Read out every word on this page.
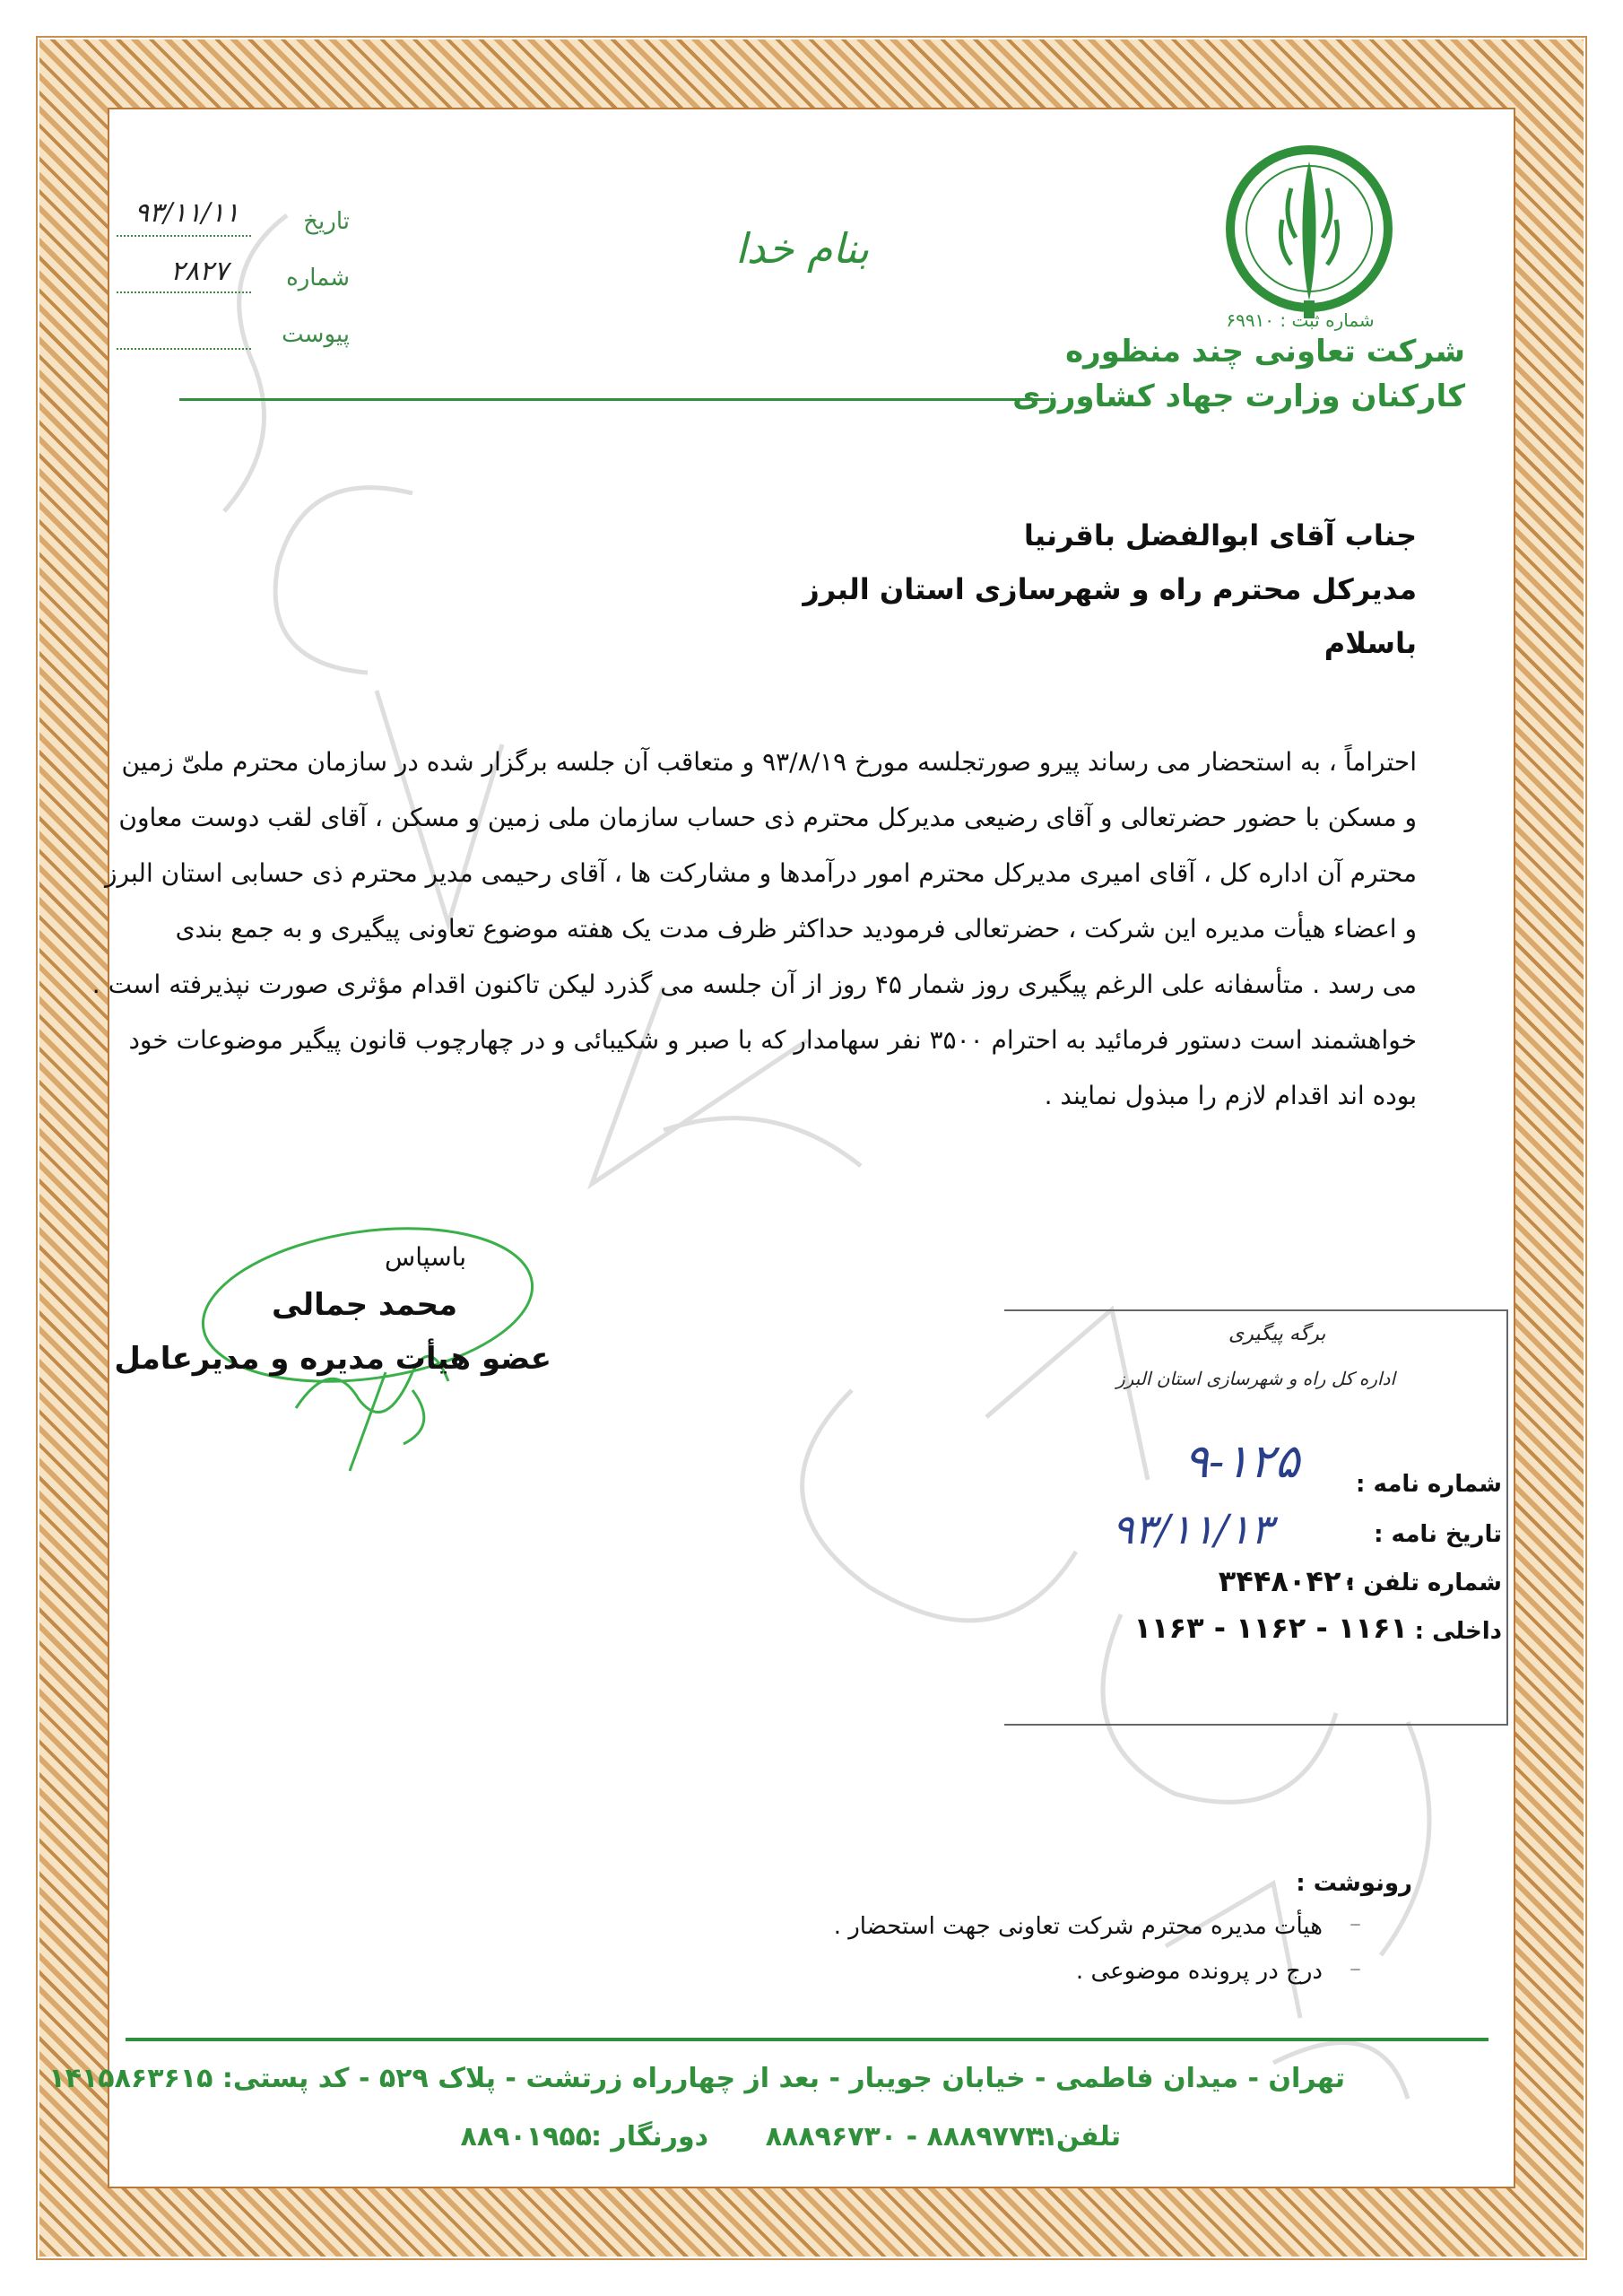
شماره ثبت : ۶۹۹۱۰
شرکت تعاونی چند منظوره
کارکنان وزارت جهاد کشاورزی
بنام خدا
تاریخ
۹۳/۱۱/۱۱
شماره
۲۸۲۷
پیوست
جناب آقای ابوالفضل باقرنیا
مدیرکل محترم راه و شهرسازی استان البرز
باسلام
احتراماً ، به استحضار می رساند پیرو صورتجلسه مورخ ۹۳/۸/۱۹ و متعاقب آن جلسه برگزار شده در سازمان محترم ملیّ زمین
و مسکن با حضور حضرتعالی و آقای رضیعی مدیرکل محترم ذی حساب سازمان ملی زمین و مسکن ، آقای لقب دوست معاون
محترم آن اداره کل ، آقای امیری مدیرکل محترم امور درآمدها و مشارکت ها ، آقای رحیمی مدیر محترم ذی حسابی استان البرز
و اعضاء هیأت مدیره این شرکت ، حضرتعالی فرمودید حداکثر ظرف مدت یک هفته موضوع تعاونی پیگیری و به جمع بندی
می رسد . متأسفانه علی الرغم پیگیری روز شمار ۴۵ روز از آن جلسه می گذرد لیکن تاکنون اقدام مؤثری صورت نپذیرفته است .
خواهشمند است دستور فرمائید به احترام ۳۵۰۰ نفر سهامدار که با صبر و شکیبائی و در چهارچوب قانون پیگیر موضوعات خود
بوده اند اقدام لازم را مبذول نمایند .
باسپاس
محمد جمالی
عضو هیأت مدیره و مدیرعامل
برگه پیگیری
اداره کل راه و شهرسازی استان البرز
شماره نامه :
۹-۱۲۵
تاریخ نامه :
۹۳/۱۱/۱۳
شماره تلفن :
۳۴۴۸۰۴۲۰
داخلی :
۱۱۶۱ - ۱۱۶۲ - ۱۱۶۳
رونوشت :
–
هیأت مدیره محترم شرکت تعاونی جهت استحضار .
–
درج در پرونده موضوعی .
تهران - میدان فاطمی - خیابان جویبار - بعد از چهارراه زرتشت - پلاک ۵۲۹ - کد پستی: ۱۴۱۵۸۶۳۶۱۵
تلفن :
۸۸۸۹۷۷۳۱ - ۸۸۸۹۶۷۳۰
دورنگار :
۸۸۹۰۱۹۵۵
